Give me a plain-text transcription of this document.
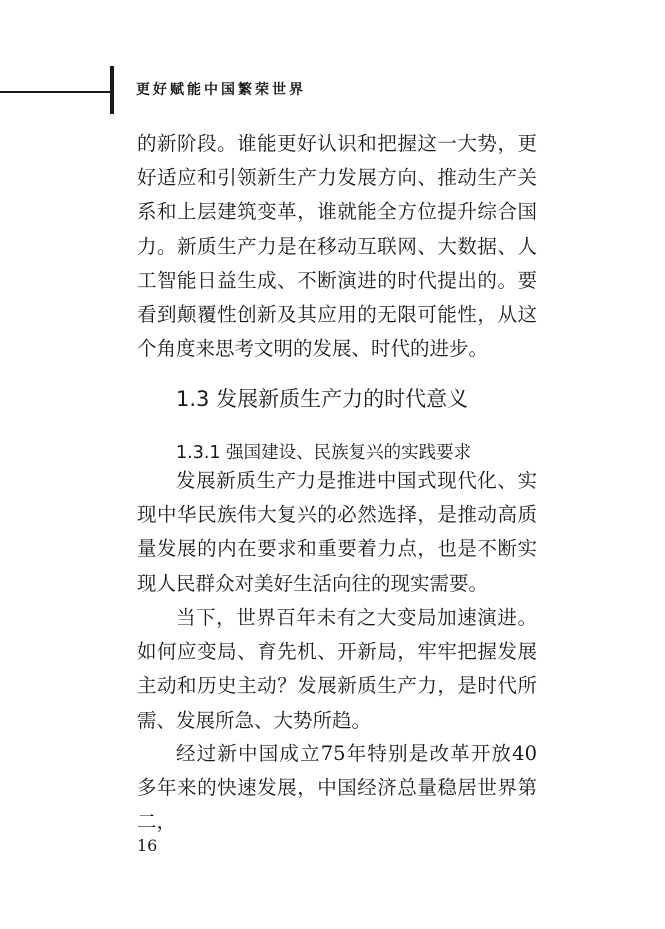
更好赋能中国繁荣世界

的新阶段。谁能更好认识和把握这一大势，更好适应和引领新生产力发展方向、推动生产关系和上层建筑变革，谁就能全方位提升综合国力。新质生产力是在移动互联网、大数据、人工智能日益生成、不断演进的时代提出的。要看到颠覆性创新及其应用的无限可能性，从这个角度来思考文明的发展、时代的进步。

1.3 发展新质生产力的时代意义
1.3.1 强国建设、民族复兴的实践要求

发展新质生产力是推进中国式现代化、实现中华民族伟大复兴的必然选择，是推动高质量发展的内在要求和重要着力点，也是不断实现人民群众对美好生活向往的现实需要。

当下，世界百年未有之大变局加速演进。如何应变局、育先机、开新局，牢牢把握发展主动和历史主动？发展新质生产力，是时代所需、发展所急、大势所趋。

经过新中国成立75年特别是改革开放40多年来的快速发展，中国经济总量稳居世界第二，

16
